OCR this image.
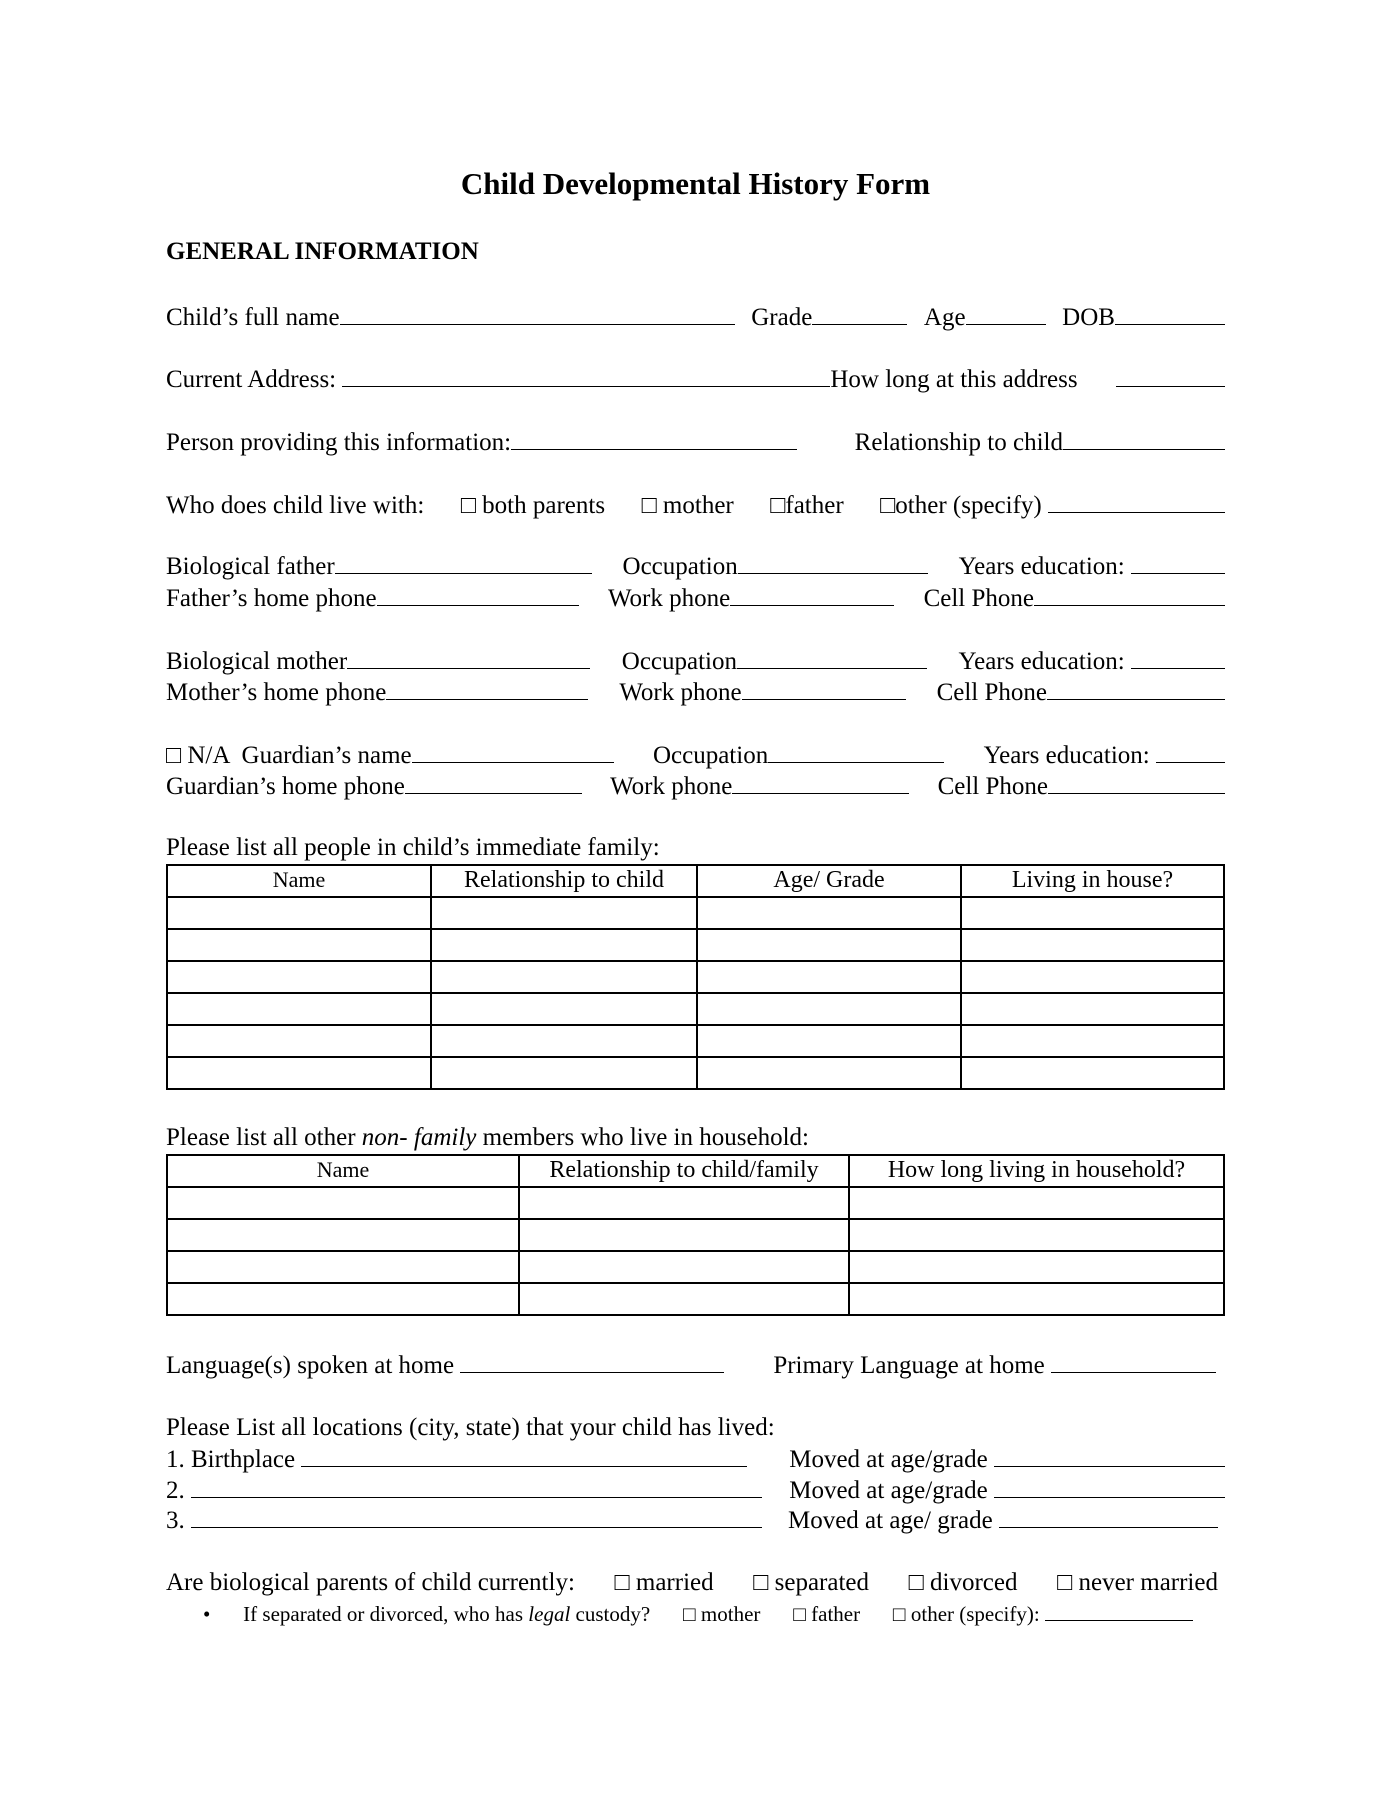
Child Developmental History Form
GENERAL INFORMATION
Child’s full name	Grade	Age	DOB
Current Address:	How long at this address
Person providing this information:	Relationship to child
Who does child live with: □ both parents □ mother □father □other (specify)
Biological father	Occupation	Years education:
Father’s home phone	Work phone	Cell Phone
Biological mother	Occupation	Years education:
Mother’s home phone	Work phone	Cell Phone
□ N/A  Guardian’s name	Occupation	Years education:
Guardian’s home phone	Work phone	Cell Phone
Please list all people in child’s immediate family:
Name	Relationship to child	Age/ Grade	Living in house?

Please list all other non- family members who live in household:
Name	Relationship to child/family	How long living in household?

Language(s) spoken at home	Primary Language at home
Please List all locations (city, state) that your child has lived:
1. Birthplace	Moved at age/grade
2.	Moved at age/grade
3.	Moved at age/ grade
Are biological parents of child currently: □ married □ separated □ divorced □ never married
• If separated or divorced, who has legal custody? □ mother □ father □ other (specify):
